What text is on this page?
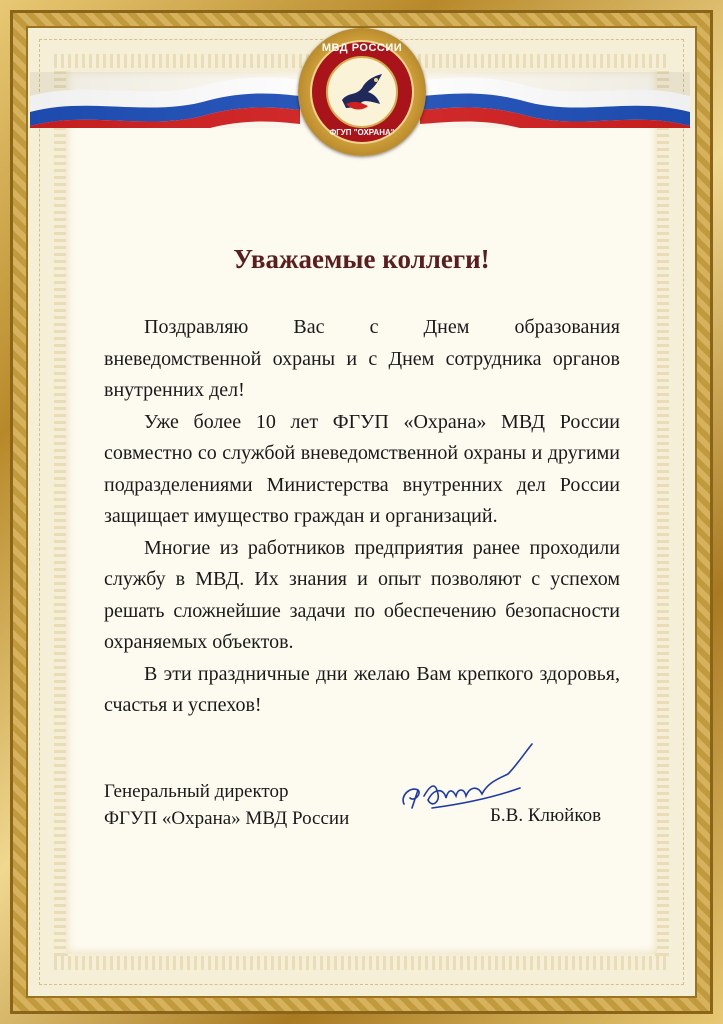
МВД РОССИИ
ФГУП "ОХРАНА"
Уважаемые коллеги!

Поздравляю Вас с Днем образования вневедомственной охраны и с Днем сотрудника органов внутренних дел!

Уже более 10 лет ФГУП «Охрана» МВД России совместно со службой вневедомственной охраны и другими подразделениями Министерства внутренних дел России защищает имущество граждан и организаций.

Многие из работников предприятия ранее проходили службу в МВД. Их знания и опыт позволяют с успехом решать сложнейшие задачи по обеспечению безопасности охраняемых объектов.

В эти праздничные дни желаю Вам крепкого здоровья, счастья и успехов!

Генеральный директор
ФГУП «Охрана» МВД России	Б.В. Клюйков
